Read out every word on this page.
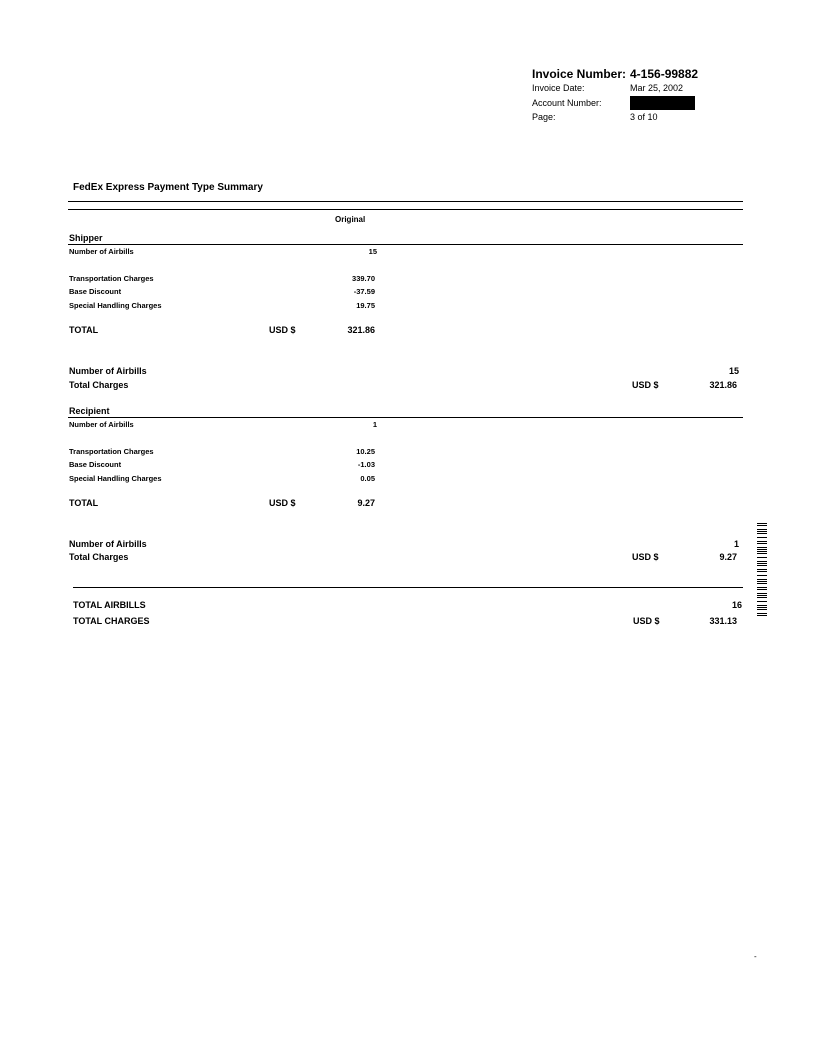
Invoice Number: 4-156-99882
Invoice Date:	Mar 25, 2002
Account Number:
Page:	3 of 10
FedEx Express Payment Type Summary
Original
Shipper
Number of Airbills	15
Transportation Charges	339.70
Base Discount	-37.59
Special Handling Charges	19.75
TOTAL	USD $	321.86
Number of Airbills	15
Total Charges	USD $	321.86
Recipient
Number of Airbills	1
Transportation Charges	10.25
Base Discount	-1.03
Special Handling Charges	0.05
TOTAL	USD $	9.27
Number of Airbills	1
Total Charges	USD $	9.27
TOTAL AIRBILLS	16
TOTAL CHARGES	USD $	331.13
-
